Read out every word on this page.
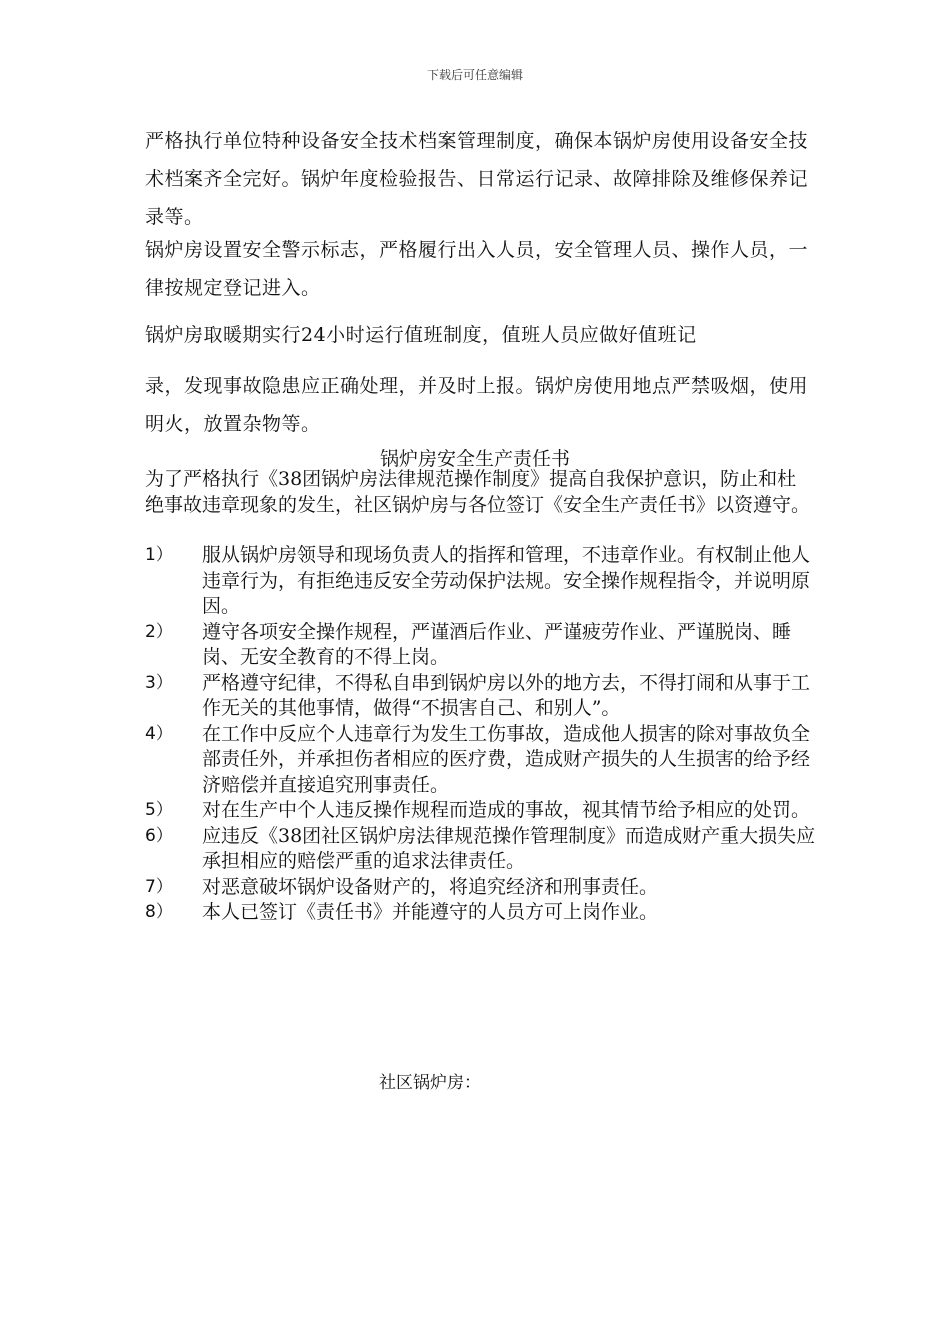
下载后可任意编辑
严格执行单位特种设备安全技术档案管理制度，确保本锅炉房使用设备安全技术档案齐全完好。锅炉年度检验报告、日常运行记录、故障排除及维修保养记录等。
锅炉房设置安全警示标志，严格履行出入人员，安全管理人员、操作人员，一律按规定登记进入。
锅炉房取暖期实行24小时运行值班制度，值班人员应做好值班记
录，发现事故隐患应正确处理，并及时上报。锅炉房使用地点严禁吸烟，使用明火，放置杂物等。
锅炉房安全生产责任书
为了严格执行《38团锅炉房法律规范操作制度》提高自我保护意识，防止和杜绝事故违章现象的发生，社区锅炉房与各位签订《安全生产责任书》以资遵守。
1）	服从锅炉房领导和现场负责人的指挥和管理，不违章作业。有权制止他人违章行为，有拒绝违反安全劳动保护法规。安全操作规程指令，并说明原因。
2）	遵守各项安全操作规程，严谨酒后作业、严谨疲劳作业、严谨脱岗、睡岗、无安全教育的不得上岗。
3）	严格遵守纪律，不得私自串到锅炉房以外的地方去，不得打闹和从事于工作无关的其他事情，做得“不损害自己、和别人”。
4）	在工作中反应个人违章行为发生工伤事故，造成他人损害的除对事故负全部责任外，并承担伤者相应的医疗费，造成财产损失的人生损害的给予经济赔偿并直接追究刑事责任。
5）	对在生产中个人违反操作规程而造成的事故，视其情节给予相应的处罚。
6）	应违反《38团社区锅炉房法律规范操作管理制度》而造成财产重大损失应承担相应的赔偿严重的追求法律责任。
7）	对恶意破坏锅炉设备财产的，将追究经济和刑事责任。
8）	本人已签订《责任书》并能遵守的人员方可上岗作业。
社区锅炉房：
